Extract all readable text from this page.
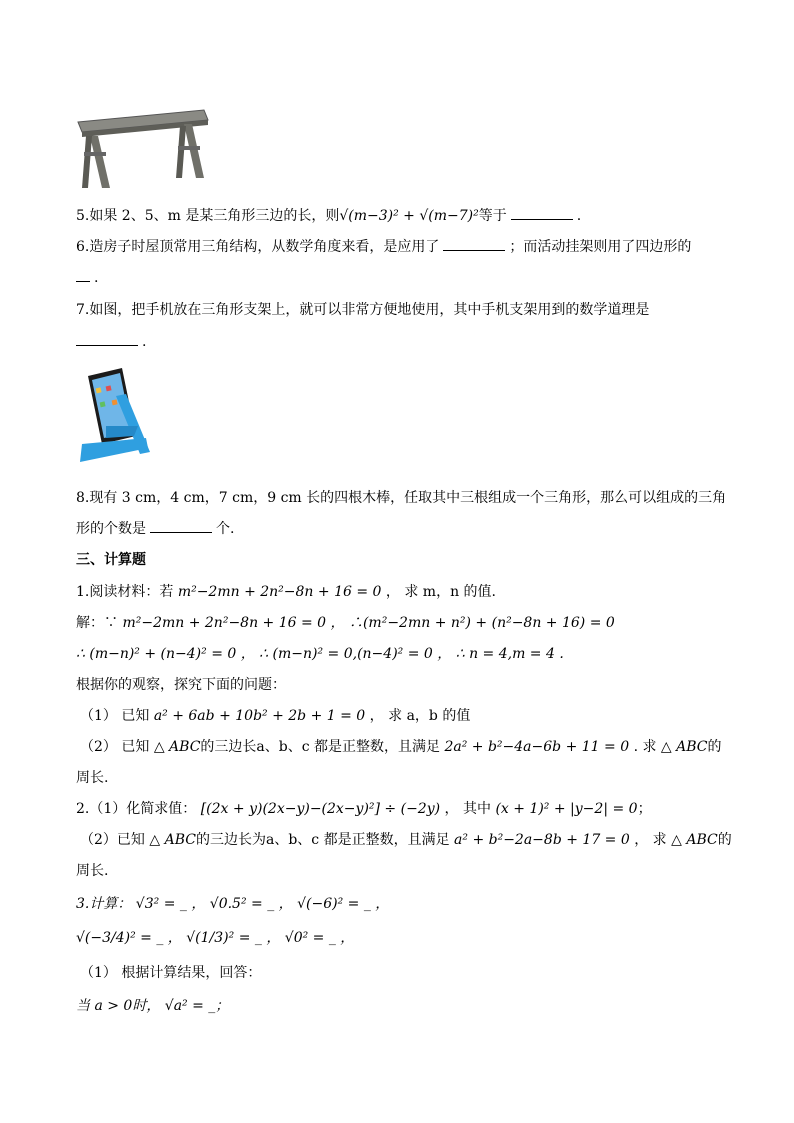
5.如果 2、5、m 是某三角形三边的长，则√(m−3)² + √(m−7)²等于	.
6.造房子时屋顶常用三角结构，从数学角度来看，是应用了	；而活动挂架则用了四边形的
.
7.如图，把手机放在三角形支架上，就可以非常方便地使用，其中手机支架用到的数学道理是
.
8.现有 3 cm，4 cm，7 cm，9 cm 长的四根木棒，任取其中三根组成一个三角形，那么可以组成的三角
形的个数是	个.
三、计算题
1.阅读材料：若 m²−2mn + 2n²−8n + 16 = 0 ， 求 m，n 的值.
解：∵ m²−2mn + 2n²−8n + 16 = 0 ， ∴(m²−2mn + n²) + (n²−8n + 16) = 0
∴ (m−n)² + (n−4)² = 0 ， ∴ (m−n)² = 0,(n−4)² = 0 ， ∴ n = 4,m = 4 .
根据你的观察，探究下面的问题：
（1） 已知 a² + 6ab + 10b² + 2b + 1 = 0 ， 求 a，b 的值
（2） 已知 △ ABC的三边长a、b、c 都是正整数，且满足 2a² + b²−4a−6b + 11 = 0 . 求 △ ABC的
周长.
2.（1）化简求值： [(2x + y)(2x−y)−(2x−y)²] ÷ (−2y) ， 其中 (x + 1)² + |y−2| = 0；
（2）已知 △ ABC的三边长为a、b、c 都是正整数，且满足 a² + b²−2a−8b + 17 = 0 ， 求 △ ABC的
周长.
3.计算： √3² = _ ， √0.5² = _ ， √(−6)² = _ ，
√(−3/4)² = _ ， √(1/3)² = _ ， √0² = _ ，
（1） 根据计算结果，回答：
当 a > 0时， √a² = _；
